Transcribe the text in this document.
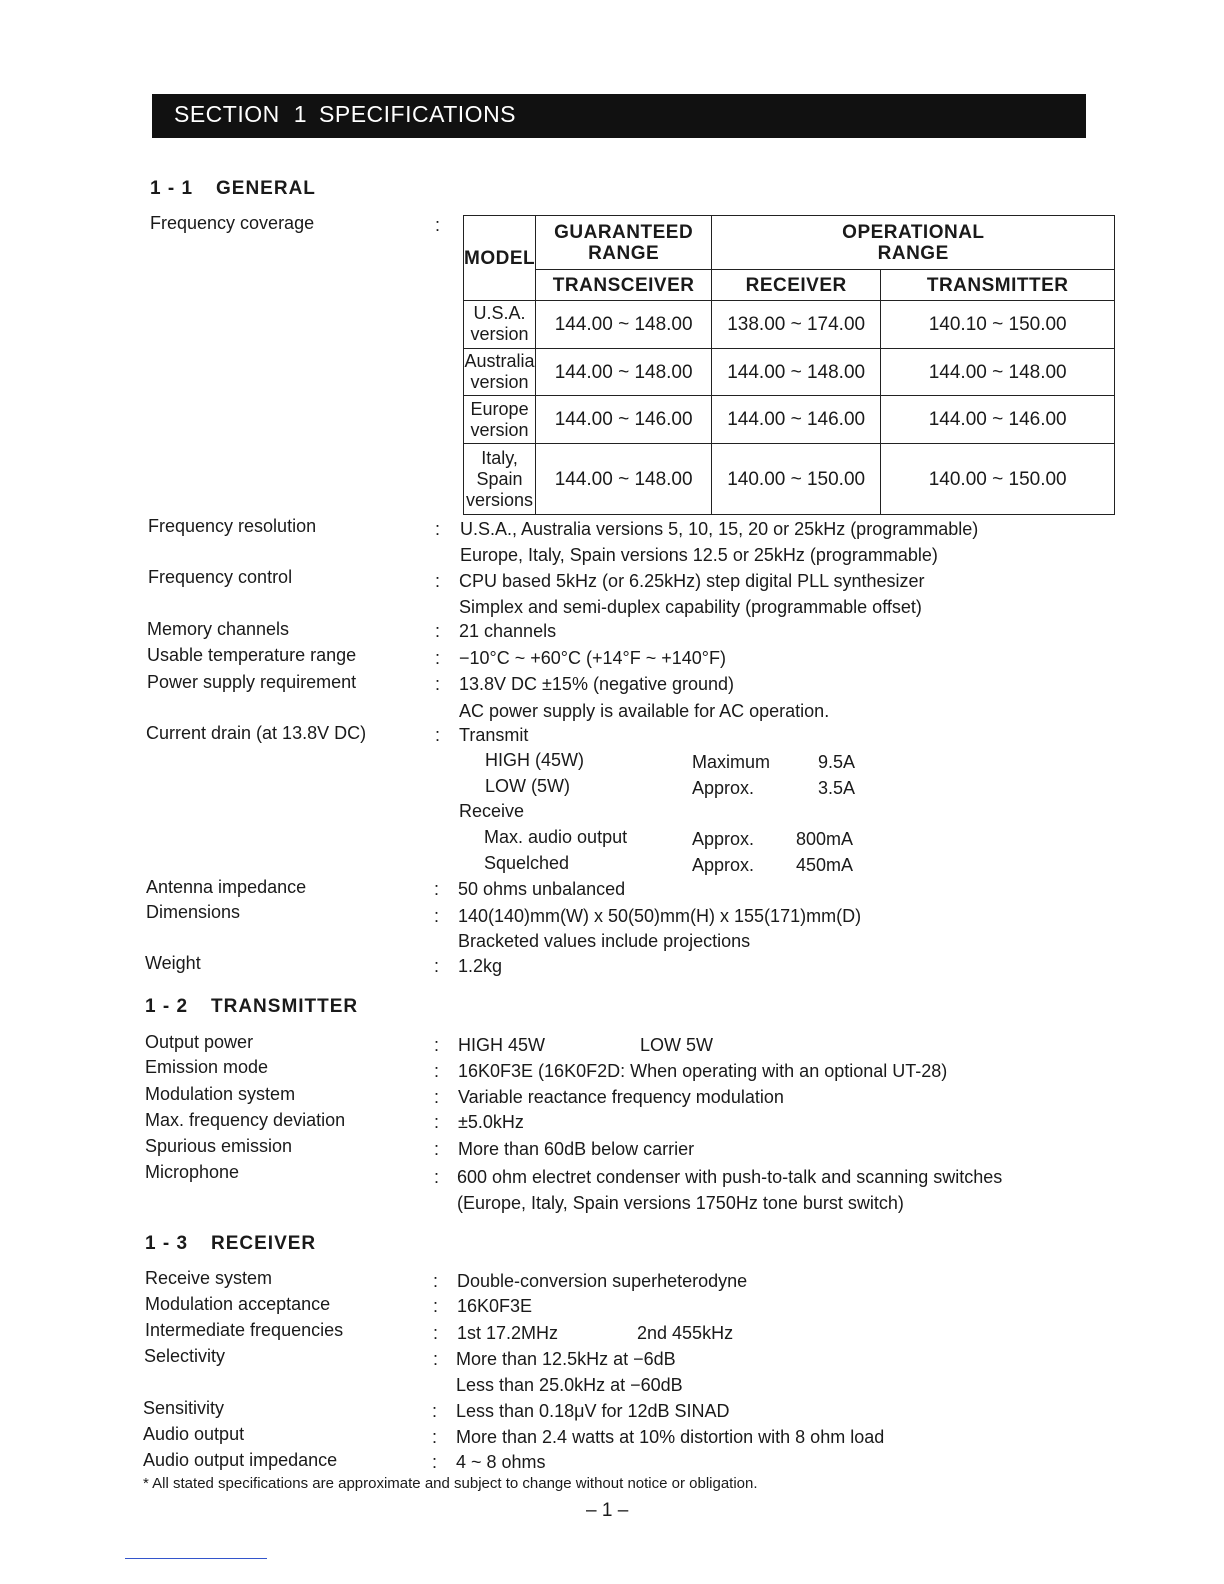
SECTION 1 SPECIFICATIONS
1 - 1 GENERAL
Frequency coverage	:
MODEL	GUARANTEED RANGE	OPERATIONAL RANGE	
	TRANSCEIVER	RECEIVER	TRANSMITTER
U.S.A.
version	144.00 ~ 148.00	138.00 ~ 174.00	140.10 ~ 150.00
Australia
version	144.00 ~ 148.00	144.00 ~ 148.00	144.00 ~ 148.00
Europe
version	144.00 ~ 146.00	144.00 ~ 146.00	144.00 ~ 146.00
Italy, Spain
versions	144.00 ~ 148.00	140.00 ~ 150.00	140.00 ~ 150.00
Frequency resolution	: U.S.A., Australia versions 5, 10, 15, 20 or 25kHz (programmable)
Europe, Italy, Spain versions 12.5 or 25kHz (programmable)
Frequency control	: CPU based 5kHz (or 6.25kHz) step digital PLL synthesizer
Simplex and semi-duplex capability (programmable offset)
Memory channels	: 21 channels
Usable temperature range	: −10°C ~ +60°C (+14°F ~ +140°F)
Power supply requirement	: 13.8V DC ±15% (negative ground)
AC power supply is available for AC operation.
Current drain (at 13.8V DC)	: Transmit
HIGH (45W)	Maximum	9.5A
LOW (5W)	Approx.	3.5A
Receive
Max. audio output	Approx. 800mA
Squelched	Approx. 450mA
Antenna impedance	: 50 ohms unbalanced
Dimensions	: 140(140)mm(W) x 50(50)mm(H) x 155(171)mm(D)
Bracketed values include projections
Weight	: 1.2kg
1 - 2 TRANSMITTER
Output power	: HIGH 45W	LOW 5W
Emission mode	: 16K0F3E (16K0F2D: When operating with an optional UT-28)
Modulation system	: Variable reactance frequency modulation
Max. frequency deviation	: ±5.0kHz
Spurious emission	: More than 60dB below carrier
Microphone	: 600 ohm electret condenser with push-to-talk and scanning switches
(Europe, Italy, Spain versions 1750Hz tone burst switch)
1 - 3 RECEIVER
Receive system	: Double-conversion superheterodyne
Modulation acceptance	: 16K0F3E
Intermediate frequencies	: 1st 17.2MHz	2nd 455kHz
Selectivity	: More than 12.5kHz at −6dB
Less than 25.0kHz at −60dB
Sensitivity	: Less than 0.18μV for 12dB SINAD
Audio output	: More than 2.4 watts at 10% distortion with 8 ohm load
Audio output impedance	: 4 ~ 8 ohms
* All stated specifications are approximate and subject to change without notice or obligation.
– 1 –
